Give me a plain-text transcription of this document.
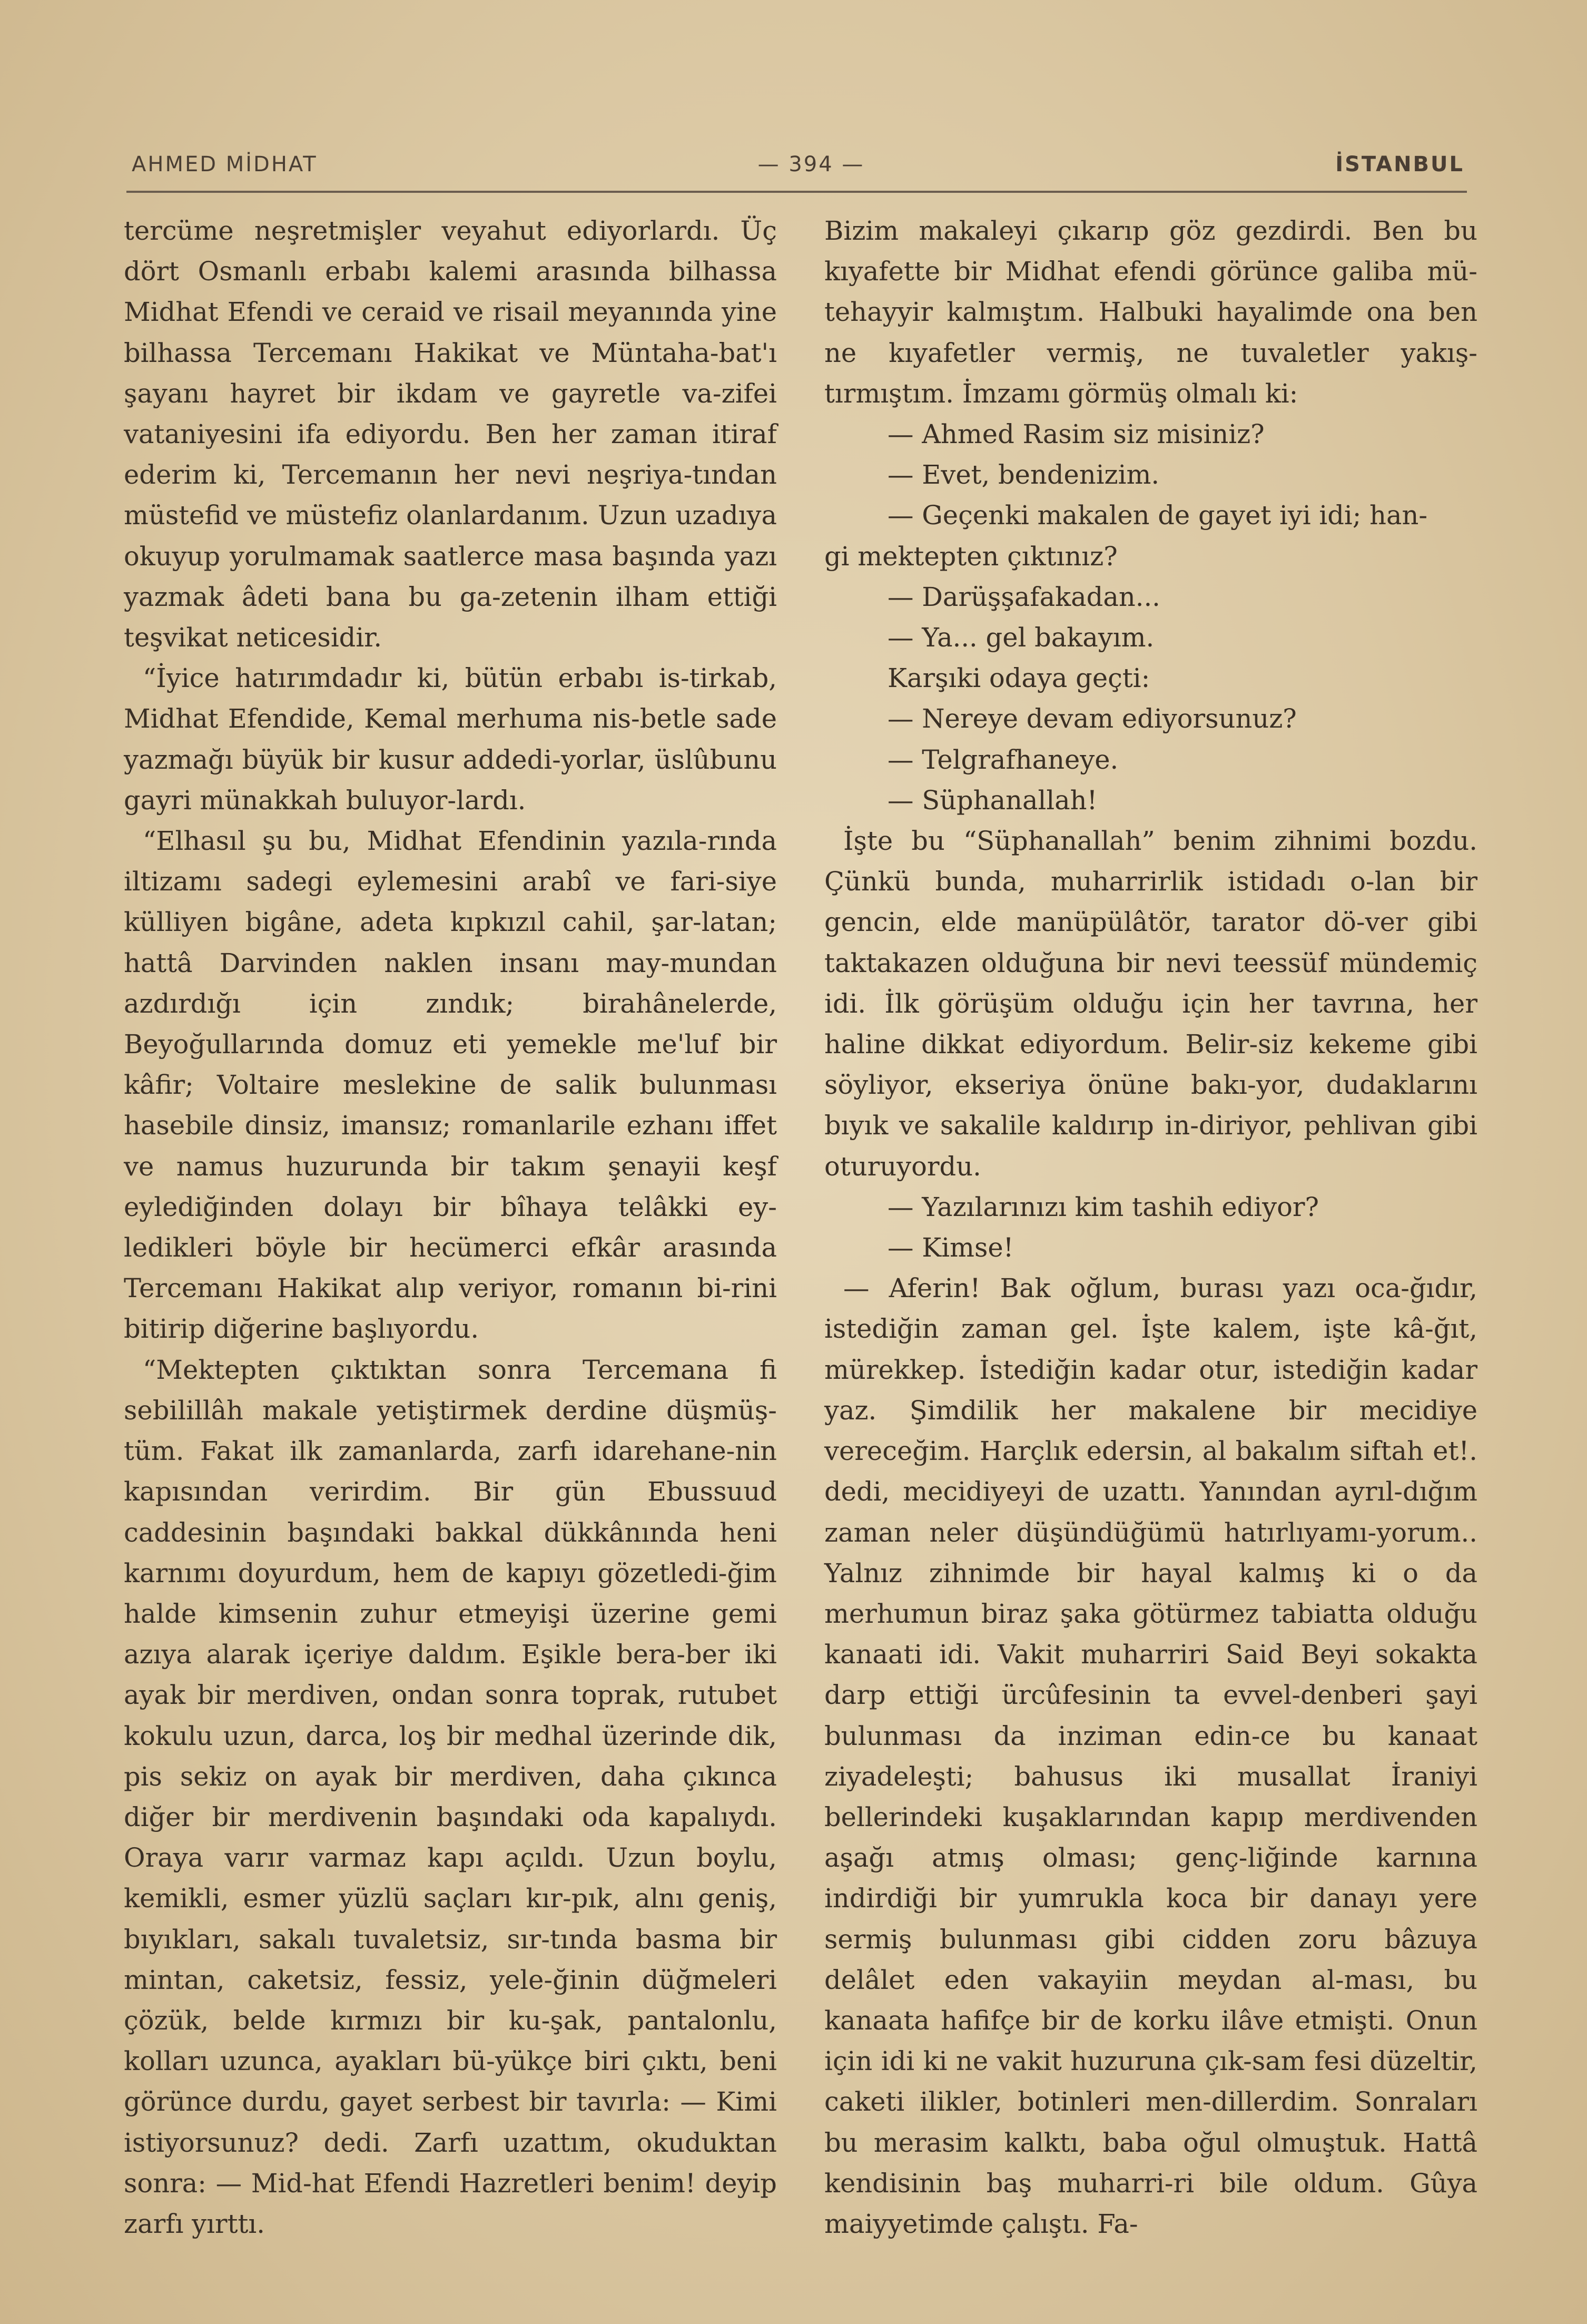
AHMED MİDHAT	— 394 —	İSTANBUL

tercüme neşretmişler veyahut ediyorlardı. Üç dört Osmanlı erbabı kalemi arasında bilhassa Midhat Efendi ve ceraid ve risail meyanında yine bilhassa Tercemanı Hakikat ve Müntaha-bat'ı şayanı hayret bir ikdam ve gayretle va-zifei vataniyesini ifa ediyordu. Ben her zaman itiraf ederim ki, Tercemanın her nevi neşriya-tından müstefid ve müstefiz olanlardanım. Uzun uzadıya okuyup yorulmamak saatlerce masa başında yazı yazmak âdeti bana bu ga-zetenin ilham ettiği teşvikat neticesidir.

“İyice hatırımdadır ki, bütün erbabı is-tirkab, Midhat Efendide, Kemal merhuma nis-betle sade yazmağı büyük bir kusur addedi-yorlar, üslûbunu gayri münakkah buluyor-lardı.

“Elhasıl şu bu, Midhat Efendinin yazıla-rında iltizamı sadegi eylemesini arabî ve fari-siye külliyen bigâne, adeta kıpkızıl cahil, şar-latan; hattâ Darvinden naklen insanı may-mundan azdırdığı için zındık; birahânelerde, Beyoğullarında domuz eti yemekle me'luf bir kâfir; Voltaire meslekine de salik bulunması hasebile dinsiz, imansız; romanlarile ezhanı iffet ve namus huzurunda bir takım şenayii keşf eylediğinden dolayı bir bîhaya telâkki ey-ledikleri böyle bir hecümerci efkâr arasında Tercemanı Hakikat alıp veriyor, romanın bi-rini bitirip diğerine başlıyordu.

“Mektepten çıktıktan sonra Tercemana fi sebilillâh makale yetiştirmek derdine düşmüş-tüm. Fakat ilk zamanlarda, zarfı idarehane-nin kapısından verirdim. Bir gün Ebussuud caddesinin başındaki bakkal dükkânında heni karnımı doyurdum, hem de kapıyı gözetledi-ğim halde kimsenin zuhur etmeyişi üzerine gemi azıya alarak içeriye daldım. Eşikle bera-ber iki ayak bir merdiven, ondan sonra toprak, rutubet kokulu uzun, darca, loş bir medhal üzerinde dik, pis sekiz on ayak bir merdiven, daha çıkınca diğer bir merdivenin başındaki oda kapalıydı. Oraya varır varmaz kapı açıldı. Uzun boylu, kemikli, esmer yüzlü saçları kır-pık, alnı geniş, bıyıkları, sakalı tuvaletsiz, sır-tında basma bir mintan, caketsiz, fessiz, yele-ğinin düğmeleri çözük, belde kırmızı bir ku-şak, pantalonlu, kolları uzunca, ayakları bü-yükçe biri çıktı, beni görünce durdu, gayet serbest bir tavırla: — Kimi istiyorsunuz? dedi. Zarfı uzattım, okuduktan sonra: — Mid-hat Efendi Hazretleri benim! deyip zarfı yırttı.

Bizim makaleyi çıkarıp göz gezdirdi. Ben bu kıyafette bir Midhat efendi görünce galiba mü-tehayyir kalmıştım. Halbuki hayalimde ona ben ne kıyafetler vermiş, ne tuvaletler yakış-tırmıştım. İmzamı görmüş olmalı ki:

— Ahmed Rasim siz misiniz?

— Evet, bendenizim.

— Geçenki makalen de gayet iyi idi; han-

gi mektepten çıktınız?

— Darüşşafakadan...

— Ya... gel bakayım.

Karşıki odaya geçti:

— Nereye devam ediyorsunuz?

— Telgrafhaneye.

— Süphanallah!

İşte bu “Süphanallah” benim zihnimi bozdu. Çünkü bunda, muharrirlik istidadı o-lan bir gencin, elde manüpülâtör, tarator dö-ver gibi taktakazen olduğuna bir nevi teessüf mündemiç idi. İlk görüşüm olduğu için her tavrına, her haline dikkat ediyordum. Belir-siz kekeme gibi söyliyor, ekseriya önüne bakı-yor, dudaklarını bıyık ve sakalile kaldırıp in-diriyor, pehlivan gibi oturuyordu.

— Yazılarınızı kim tashih ediyor?

— Kimse!

— Aferin! Bak oğlum, burası yazı oca-ğıdır, istediğin zaman gel. İşte kalem, işte kâ-ğıt, mürekkep. İstediğin kadar otur, istediğin kadar yaz. Şimdilik her makalene bir mecidiye vereceğim. Harçlık edersin, al bakalım siftah et!. dedi, mecidiyeyi de uzattı. Yanından ayrıl-dığım zaman neler düşündüğümü hatırlıyamı-yorum.. Yalnız zihnimde bir hayal kalmış ki o da merhumun biraz şaka götürmez tabiatta olduğu kanaati idi. Vakit muharriri Said Beyi sokakta darp ettiği ürcûfesinin ta evvel-denberi şayi bulunması da inziman edin-ce bu kanaat ziyadeleşti; bahusus iki musallat İraniyi bellerindeki kuşaklarından kapıp merdivenden aşağı atmış olması; genç-liğinde karnına indirdiği bir yumrukla koca bir danayı yere sermiş bulunması gibi cidden zoru bâzuya delâlet eden vakayiin meydan al-ması, bu kanaata hafifçe bir de korku ilâve etmişti. Onun için idi ki ne vakit huzuruna çık-sam fesi düzeltir, caketi ilikler, botinleri men-dillerdim. Sonraları bu merasim kalktı, baba oğul olmuştuk. Hattâ kendisinin baş muharri-ri bile oldum. Gûya maiyyetimde çalıştı. Fa-
